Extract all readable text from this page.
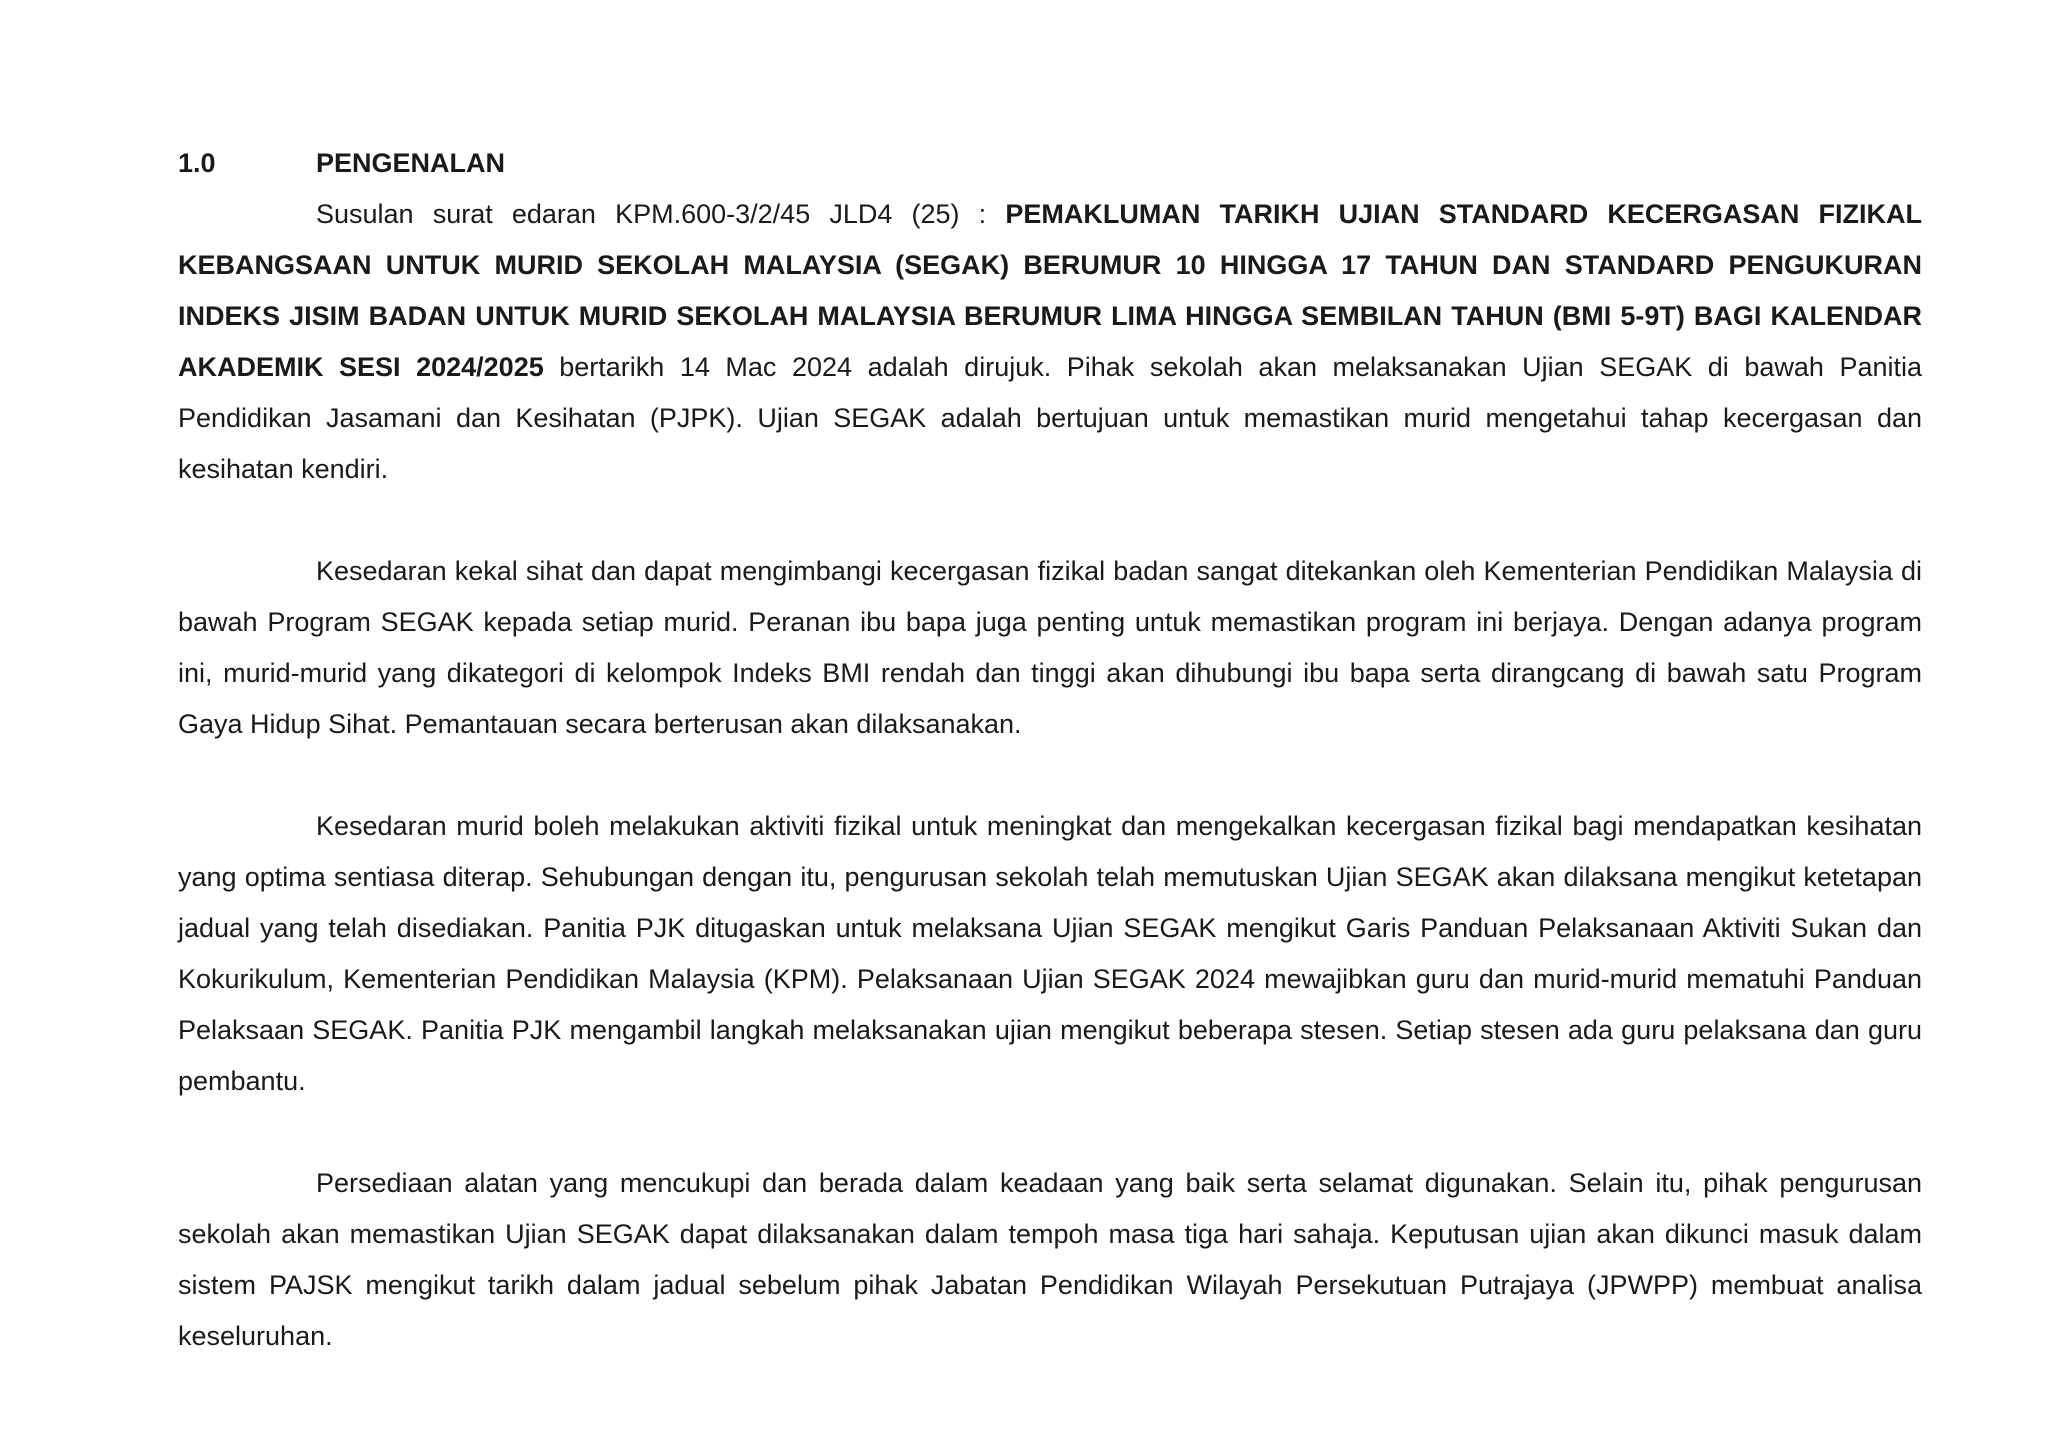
1.0	PENGENALAN

Susulan surat edaran KPM.600-3/2/45 JLD4 (25) : PEMAKLUMAN TARIKH UJIAN STANDARD KECERGASAN FIZIKAL KEBANGSAAN UNTUK MURID SEKOLAH MALAYSIA (SEGAK) BERUMUR 10 HINGGA 17 TAHUN DAN STANDARD PENGUKURAN INDEKS JISIM BADAN UNTUK MURID SEKOLAH MALAYSIA BERUMUR LIMA HINGGA SEMBILAN TAHUN (BMI 5-9T) BAGI KALENDAR AKADEMIK SESI 2024/2025 bertarikh 14 Mac 2024 adalah dirujuk. Pihak sekolah akan melaksanakan Ujian SEGAK di bawah Panitia Pendidikan Jasamani dan Kesihatan (PJPK). Ujian SEGAK adalah bertujuan untuk memastikan murid mengetahui tahap kecergasan dan kesihatan kendiri.

Kesedaran kekal sihat dan dapat mengimbangi kecergasan fizikal badan sangat ditekankan oleh Kementerian Pendidikan Malaysia di bawah Program SEGAK kepada setiap murid. Peranan ibu bapa juga penting untuk memastikan program ini berjaya. Dengan adanya program ini, murid-murid yang dikategori di kelompok Indeks BMI rendah dan tinggi akan dihubungi ibu bapa serta dirangcang di bawah satu Program Gaya Hidup Sihat. Pemantauan secara berterusan akan dilaksanakan.

Kesedaran murid boleh melakukan aktiviti fizikal untuk meningkat dan mengekalkan kecergasan fizikal bagi mendapatkan kesihatan yang optima sentiasa diterap. Sehubungan dengan itu, pengurusan sekolah telah memutuskan Ujian SEGAK akan dilaksana mengikut ketetapan jadual yang telah disediakan. Panitia PJK ditugaskan untuk melaksana Ujian SEGAK mengikut Garis Panduan Pelaksanaan Aktiviti Sukan dan Kokurikulum, Kementerian Pendidikan Malaysia (KPM). Pelaksanaan Ujian SEGAK 2024 mewajibkan guru dan murid-murid mematuhi Panduan Pelaksaan SEGAK. Panitia PJK mengambil langkah melaksanakan ujian mengikut beberapa stesen. Setiap stesen ada guru pelaksana dan guru pembantu.

Persediaan alatan yang mencukupi dan berada dalam keadaan yang baik serta selamat digunakan. Selain itu, pihak pengurusan sekolah akan memastikan Ujian SEGAK dapat dilaksanakan dalam tempoh masa tiga hari sahaja. Keputusan ujian akan dikunci masuk dalam sistem PAJSK mengikut tarikh dalam jadual sebelum pihak Jabatan Pendidikan Wilayah Persekutuan Putrajaya (JPWPP) membuat analisa keseluruhan.
